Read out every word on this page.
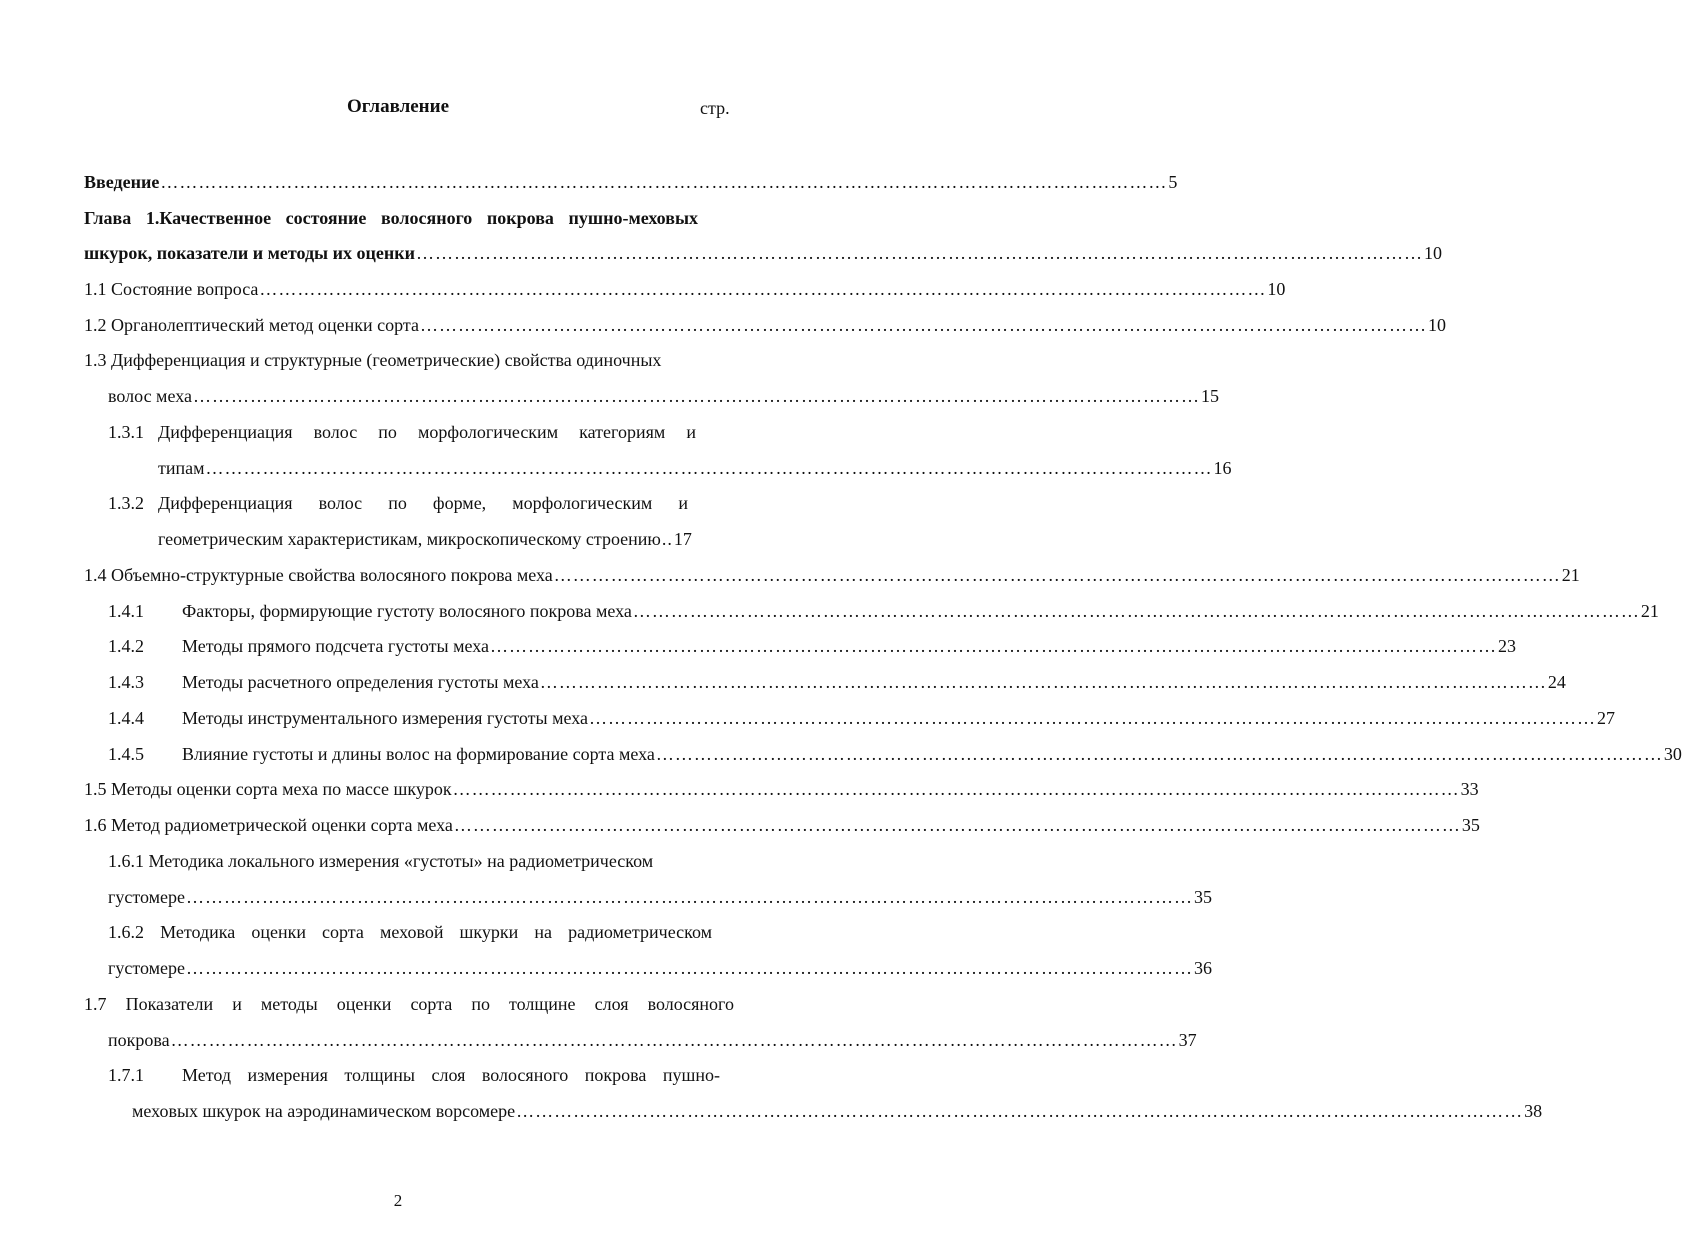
Оглавление	стр.
Введение …………………………………………………………………………………………………………………………………………… 5
Глава 1.Качественное состояние волосяного покрова пушно-меховых
шкурок, показатели и методы их оценки …………………………………………………………………………………………………………………………………………… 10
1.1 Состояние вопроса …………………………………………………………………………………………………………………………………………… 10
1.2 Органолептический метод оценки сорта …………………………………………………………………………………………………………………………………………… 10
1.3 Дифференциация и структурные (геометрические) свойства одиночных
волос меха …………………………………………………………………………………………………………………………………………… 15
1.3.1 Дифференциация волос по морфологическим категориям и
типам …………………………………………………………………………………………………………………………………………… 16
1.3.2 Дифференциация волос по форме, морфологическим и
геометрическим характеристикам, микроскопическому строению .. 17
1.4 Объемно-структурные свойства волосяного покрова меха …………………………………………………………………………………………………………………………………………… 21
1.4.1	Факторы, формирующие густоту волосяного покрова меха …………………………………………………………………………………………………………………………………………… 21
1.4.2	Методы прямого подсчета густоты меха …………………………………………………………………………………………………………………………………………… 23
1.4.3	Методы расчетного определения густоты меха …………………………………………………………………………………………………………………………………………… 24
1.4.4	Методы инструментального измерения густоты меха …………………………………………………………………………………………………………………………………………… 27
1.4.5	Влияние густоты и длины волос на формирование сорта меха …………………………………………………………………………………………………………………………………………… 30
1.5 Методы оценки сорта меха по массе шкурок …………………………………………………………………………………………………………………………………………… 33
1.6 Метод радиометрической оценки сорта меха …………………………………………………………………………………………………………………………………………… 35
1.6.1 Методика локального измерения «густоты» на радиометрическом
густомере …………………………………………………………………………………………………………………………………………… 35
1.6.2 Методика оценки сорта меховой шкурки на радиометрическом
густомере …………………………………………………………………………………………………………………………………………… 36
1.7 Показатели и методы оценки сорта по толщине слоя волосяного
покрова …………………………………………………………………………………………………………………………………………… 37
1.7.1	Метод измерения толщины слоя волосяного покрова пушно-
меховых шкурок на аэродинамическом ворсомере …………………………………………………………………………………………………………………………………………… 38
2
